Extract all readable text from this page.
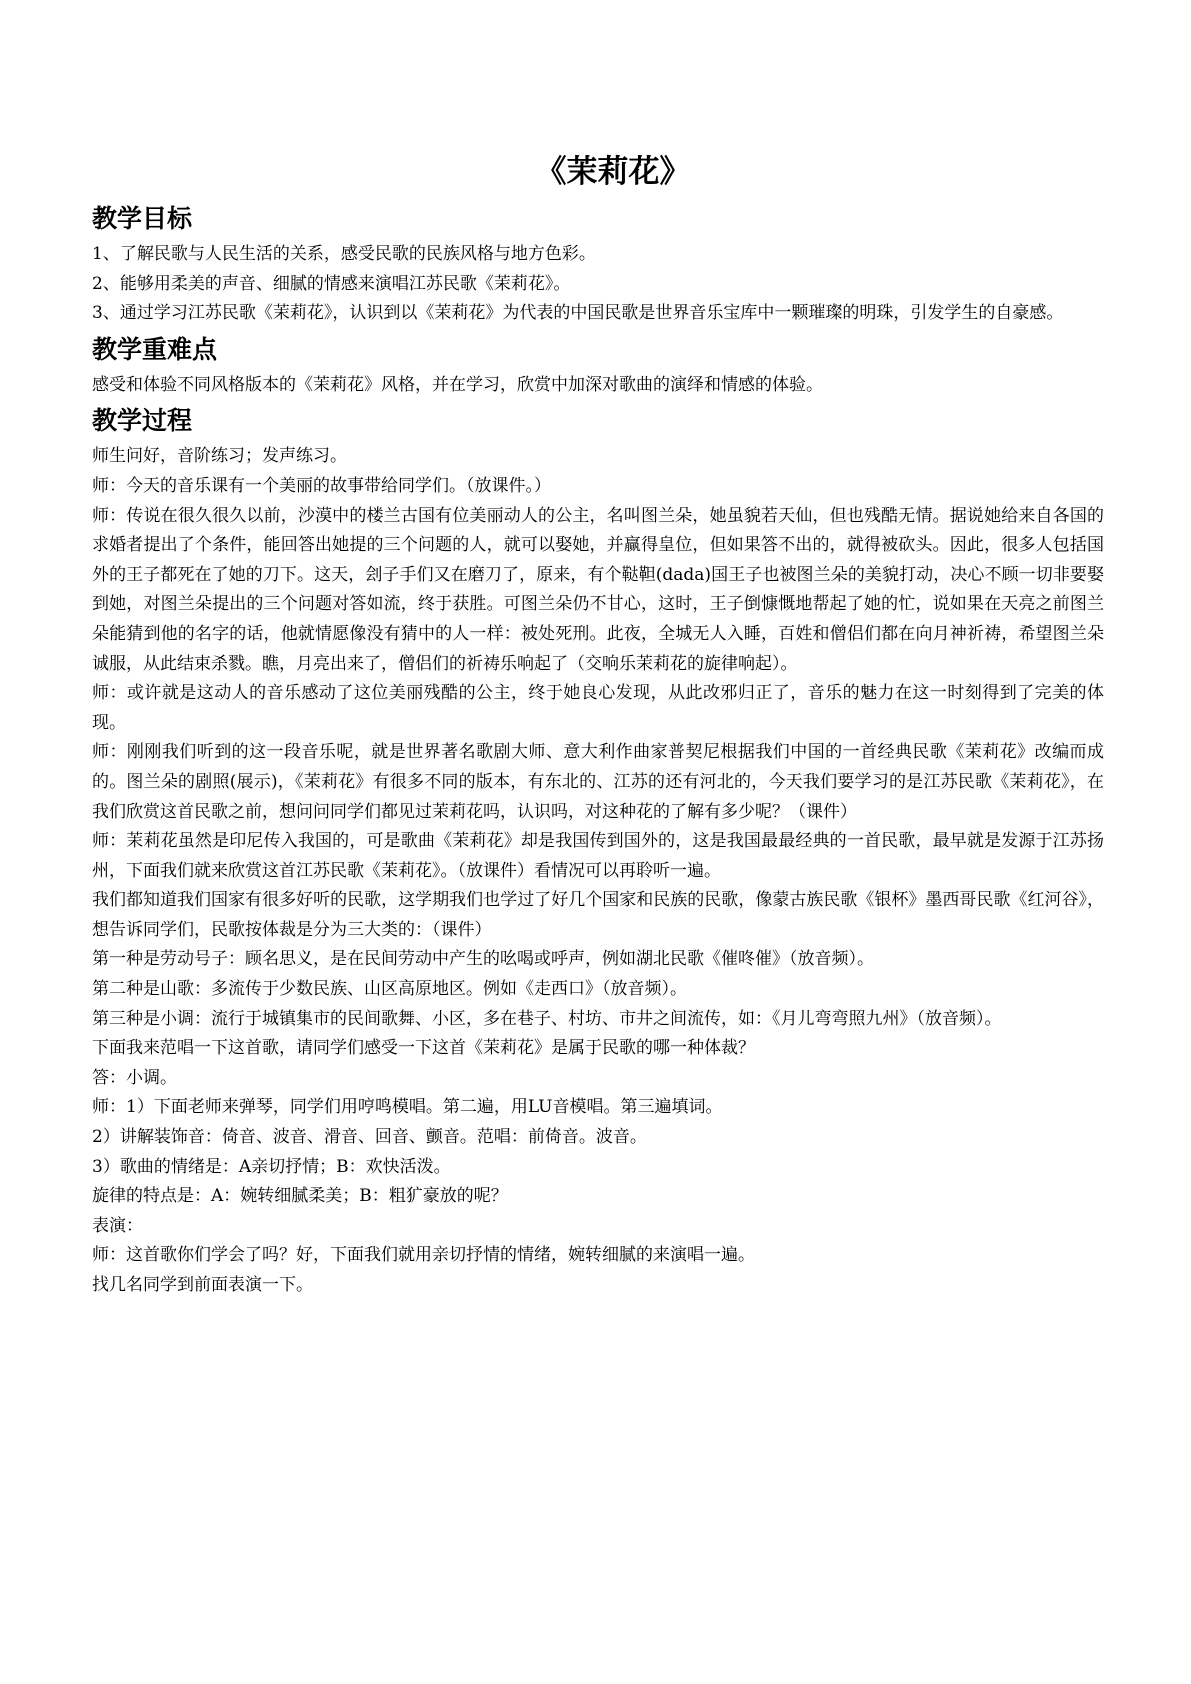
《茉莉花》
教学目标

1、了解民歌与人民生活的关系，感受民歌的民族风格与地方色彩。

2、能够用柔美的声音、细腻的情感来演唱江苏民歌《茉莉花》。

3、通过学习江苏民歌《茉莉花》，认识到以《茉莉花》为代表的中国民歌是世界音乐宝库中一颗璀璨的明珠，引发学生的自豪感。

教学重难点

感受和体验不同风格版本的《茉莉花》风格，并在学习，欣赏中加深对歌曲的演绎和情感的体验。

教学过程

师生问好，音阶练习；发声练习。

师：今天的音乐课有一个美丽的故事带给同学们。（放课件。）

师：传说在很久很久以前，沙漠中的楼兰古国有位美丽动人的公主，名叫图兰朵，她虽貌若天仙，但也残酷无情。据说她给来自各国的求婚者提出了个条件，能回答出她提的三个问题的人，就可以娶她，并赢得皇位，但如果答不出的，就得被砍头。因此，很多人包括国外的王子都死在了她的刀下。这天，刽子手们又在磨刀了，原来，有个鞑靼(dada)国王子也被图兰朵的美貌打动，决心不顾一切非要娶到她，对图兰朵提出的三个问题对答如流，终于获胜。可图兰朵仍不甘心，这时，王子倒慷慨地帮起了她的忙，说如果在天亮之前图兰朵能猜到他的名字的话，他就情愿像没有猜中的人一样：被处死刑。此夜，全城无人入睡，百姓和僧侣们都在向月神祈祷，希望图兰朵诚服，从此结束杀戮。瞧，月亮出来了，僧侣们的祈祷乐响起了（交响乐茉莉花的旋律响起）。

师：或许就是这动人的音乐感动了这位美丽残酷的公主，终于她良心发现，从此改邪归正了，音乐的魅力在这一时刻得到了完美的体现。

师：刚刚我们听到的这一段音乐呢，就是世界著名歌剧大师、意大利作曲家普契尼根据我们中国的一首经典民歌《茉莉花》改编而成的。图兰朵的剧照(展示)，《茉莉花》有很多不同的版本，有东北的、江苏的还有河北的，今天我们要学习的是江苏民歌《茉莉花》，在我们欣赏这首民歌之前，想问问同学们都见过茉莉花吗，认识吗，对这种花的了解有多少呢？（课件）

师：茉莉花虽然是印尼传入我国的，可是歌曲《茉莉花》却是我国传到国外的，这是我国最最经典的一首民歌，最早就是发源于江苏扬州，下面我们就来欣赏这首江苏民歌《茉莉花》。（放课件）看情况可以再聆听一遍。

我们都知道我们国家有很多好听的民歌，这学期我们也学过了好几个国家和民族的民歌，像蒙古族民歌《银杯》墨西哥民歌《红河谷》，想告诉同学们，民歌按体裁是分为三大类的：（课件）

第一种是劳动号子：顾名思义，是在民间劳动中产生的吆喝或呼声，例如湖北民歌《催咚催》（放音频）。

第二种是山歌：多流传于少数民族、山区高原地区。例如《走西口》（放音频）。

第三种是小调：流行于城镇集市的民间歌舞、小区，多在巷子、村坊、市井之间流传，如：《月儿弯弯照九州》（放音频）。

下面我来范唱一下这首歌，请同学们感受一下这首《茉莉花》是属于民歌的哪一种体裁？

答：小调。

师：1）下面老师来弹琴，同学们用哼鸣模唱。第二遍，用LU音模唱。第三遍填词。

2）讲解装饰音：倚音、波音、滑音、回音、颤音。范唱：前倚音。波音。

3）歌曲的情绪是：A亲切抒情；B：欢快活泼。

旋律的特点是：A：婉转细腻柔美；B：粗犷豪放的呢？

表演：

师：这首歌你们学会了吗？好，下面我们就用亲切抒情的情绪，婉转细腻的来演唱一遍。

找几名同学到前面表演一下。
